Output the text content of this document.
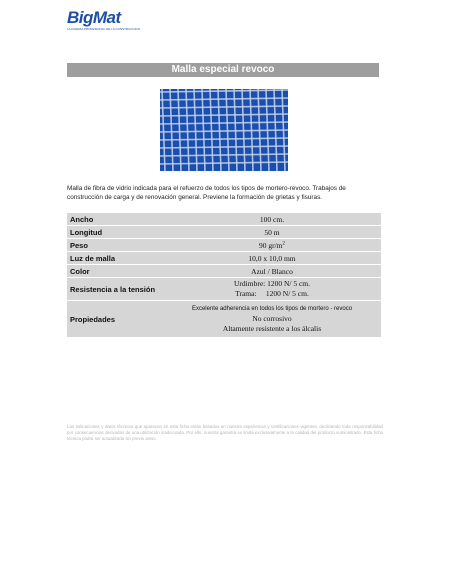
BigMat
LA FUERZA PROFESIONAL DE LA CONSTRUCCION
Malla especial revoco
Malla de fibra de vidrio indicada para el refuerzo de todos los tipos de mortero-revoco. Trabajos de construcción de carga y de renovación general. Previene la formación de grietas y fisuras.
Ancho	100 cm.
Longitud	50 m
Peso	90 $gr/m^2$
Luz de malla	10,0 x 10,0 mm
Color	Azul / Blanco
Resistencia a la tensión	Urdimbre: 1200 N/ 5 cm.
Trama:     1200 N/ 5 cm.

Propiedades	Excelente adherencia en todos los tipos de mortero - revoco
No corrosivo
Altamente resistente a los álcalis
Las indicaciones y datos técnicos que aparecen en esta ficha están basados en nuestra experiencia y certificaciones vigentes, declinando toda responsabilidad por consecuencias derivadas de una utilización inadecuada. Por ello, nuestra garantía se limita exclusivamente a la calidad del producto suministrado. Esta ficha técnica podrá ser actualizada sin previo aviso.
